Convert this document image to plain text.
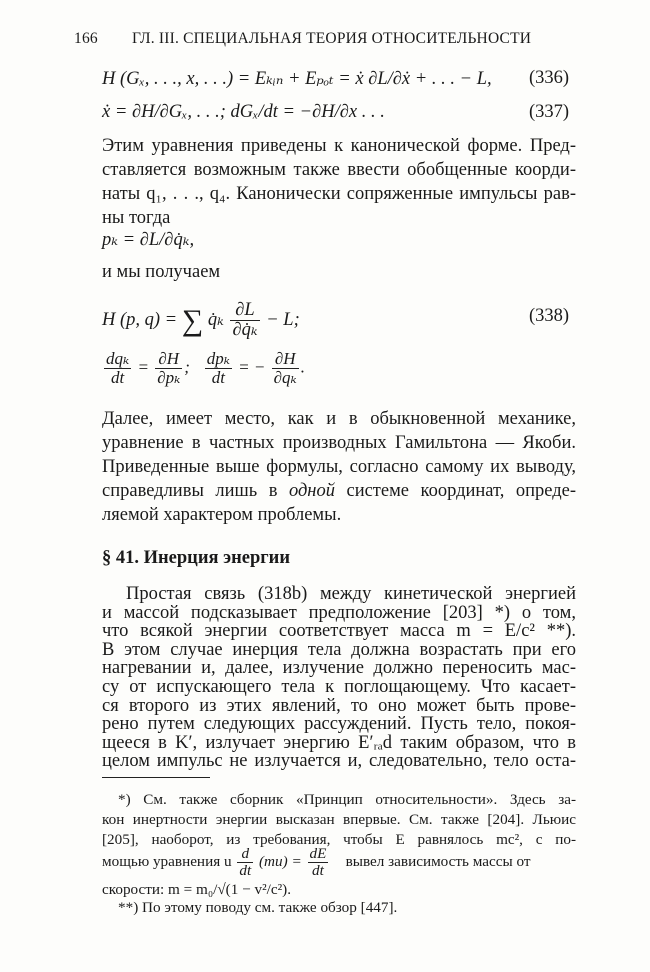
166 ГЛ. III. СПЕЦИАЛЬНАЯ ТЕОРИЯ ОТНОСИТЕЛЬНОСТИ
H (Gₓ, . . ., x, . . .) = Eₖᵢₙ + Eₚₒₜ = ẋ ∂L/∂ẋ + . . . − L, (336)
ẋ = ∂H/∂Gₓ, . . .; dGₓ/dt = −∂H/∂x . . .	(337)
Этим уравнения приведены к канонической форме. Пред-
ставляется возможным также ввести обобщенные коорди-
наты q₁, . . ., q₄. Канонически сопряженные импульсы рав-
ны тогда
pₖ = ∂L/∂q̇ₖ,
и мы получаем
H (p, q) = ∑ q̇ₖ $\frac{\partial L}{\text{∂q̇ₖ}} - L$;	(338)
$\frac{\text{dqₖ}}{dt} = \frac{\partial H}{\text{∂pₖ}}$ ; $\frac{\text{dpₖ}}{dt}$ = − $\frac{\partial H}{\text{∂qₖ}}$ .
Далее, имеет место, как и в обыкновенной механике,
уравнение в частных производных Гамильтона — Якоби.
Приведенные выше формулы, согласно самому их выводу,
справедливы лишь в одной системе координат, опреде-
ляемой характером проблемы.
§ 41. Инерция энергии
Простая связь (318b) между кинетической энергией
и массой подсказывает предположение [203] *) о том,
что всякой энергии соответствует масса m = E/c² **).
В этом случае инерция тела должна возрастать при его
нагревании и, далее, излучение должно переносить мас-
су от испускающего тела к поглощающему. Что касает-
ся второго из этих явлений, то оно может быть прове-
рено путем следующих рассуждений. Пусть тело, покоя-
*) См. также сборник «Принцип относительности». Здесь за-
кон инертности энергии высказан впервые. См. также [204]. Льюис
[205], наоборот, из требования, чтобы E равнялось mc², с по-
мощью уравнения u $\frac{d}{dt} (mu) = \frac{dE}{dt}$ вывел зависимость массы от
скорости: m = m₀/√(1 − v²/c²).
**) По этому поводу см. также обзор [447].
щееся в K′, излучает энергию E′ᵣₐd таким образом, что в
целом импульс не излучается и, следовательно, тело оста-
